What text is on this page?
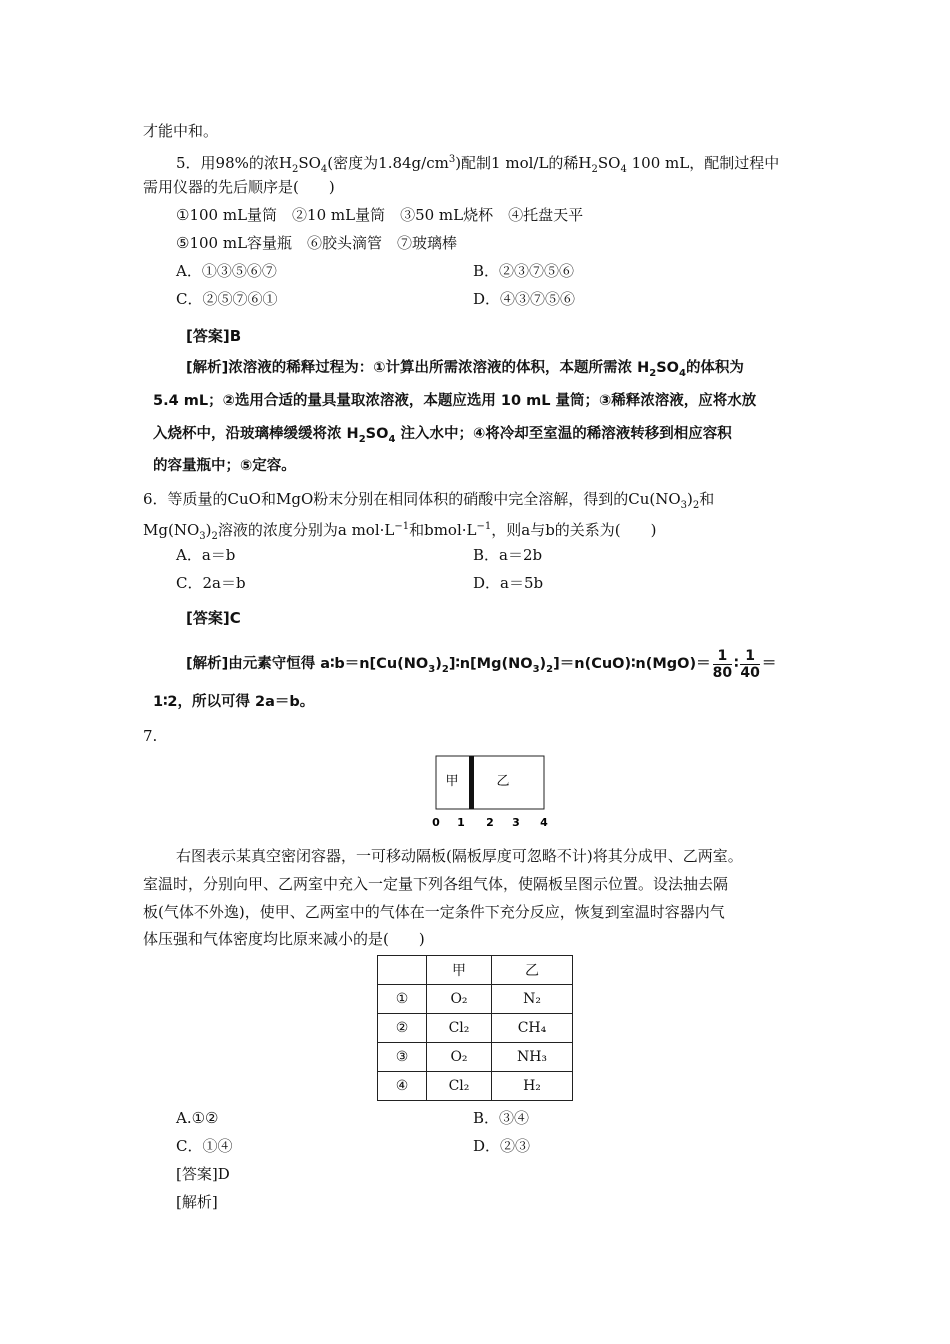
才能中和。
5．用98%的浓$H_2SO_4$(密度为$1.84g/cm^3$)配制1 mol/L的稀$H_2SO_4$ 100 mL，配制过程中
需用仪器的先后顺序是(　　)
①100 mL量筒　②10 mL量筒　③50 mL烧杯　④托盘天平
⑤100 mL容量瓶　⑥胶头滴管　⑦玻璃棒
A．①③⑤⑥⑦	B．②③⑦⑤⑥
C．②⑤⑦⑥①	D．④③⑦⑤⑥
[答案]B
[解析]浓溶液的稀释过程为：①计算出所需浓溶液的体积，本题所需浓 $H_2SO_4$的体积为
5.4 mL；②选用合适的量具量取浓溶液，本题应选用 10 mL 量筒；③稀释浓溶液，应将水放
入烧杯中，沿玻璃棒缓缓将浓 $H_2SO_4$ 注入水中；④将冷却至室温的稀溶液转移到相应容积
的容量瓶中；⑤定容。
6．等质量的CuO和MgO粉末分别在相同体积的硝酸中完全溶解，得到的$Cu(NO_3)_2$和
$Mg(NO_3)_2$溶液的浓度分别为a $mol\cdot L^{-1}$和$bmol\cdot L^{-1}$，则a与b的关系为(　　)
A．a＝b	B．a＝2b
C．2a＝b	D．a＝5b
[答案]C
[解析]由元素守恒得 $a∶b=n[Cu(NO_3)_2]∶n[Mg(NO_3)_2]=n(CuO)∶n(MgO)= \frac{1}{80}$ ∶ $\frac{1}{40}$ ＝
1∶2，所以可得 2a＝b。
7.
甲	乙
0 1 2 3 4
右图表示某真空密闭容器，一可移动隔板(隔板厚度可忽略不计)将其分成甲、乙两室。
室温时，分别向甲、乙两室中充入一定量下列各组气体，使隔板呈图示位置。设法抽去隔
板(气体不外逸)，使甲、乙两室中的气体在一定条件下充分反应，恢复到室温时容器内气
体压强和气体密度均比原来减小的是(　　)
	甲	乙
①	O₂	N₂
②	Cl₂	CH₄
③	O₂	NH₃
④	Cl₂	H₂
A.①②	B．③④
C．①④	D．②③
[答案]D
[解析]
